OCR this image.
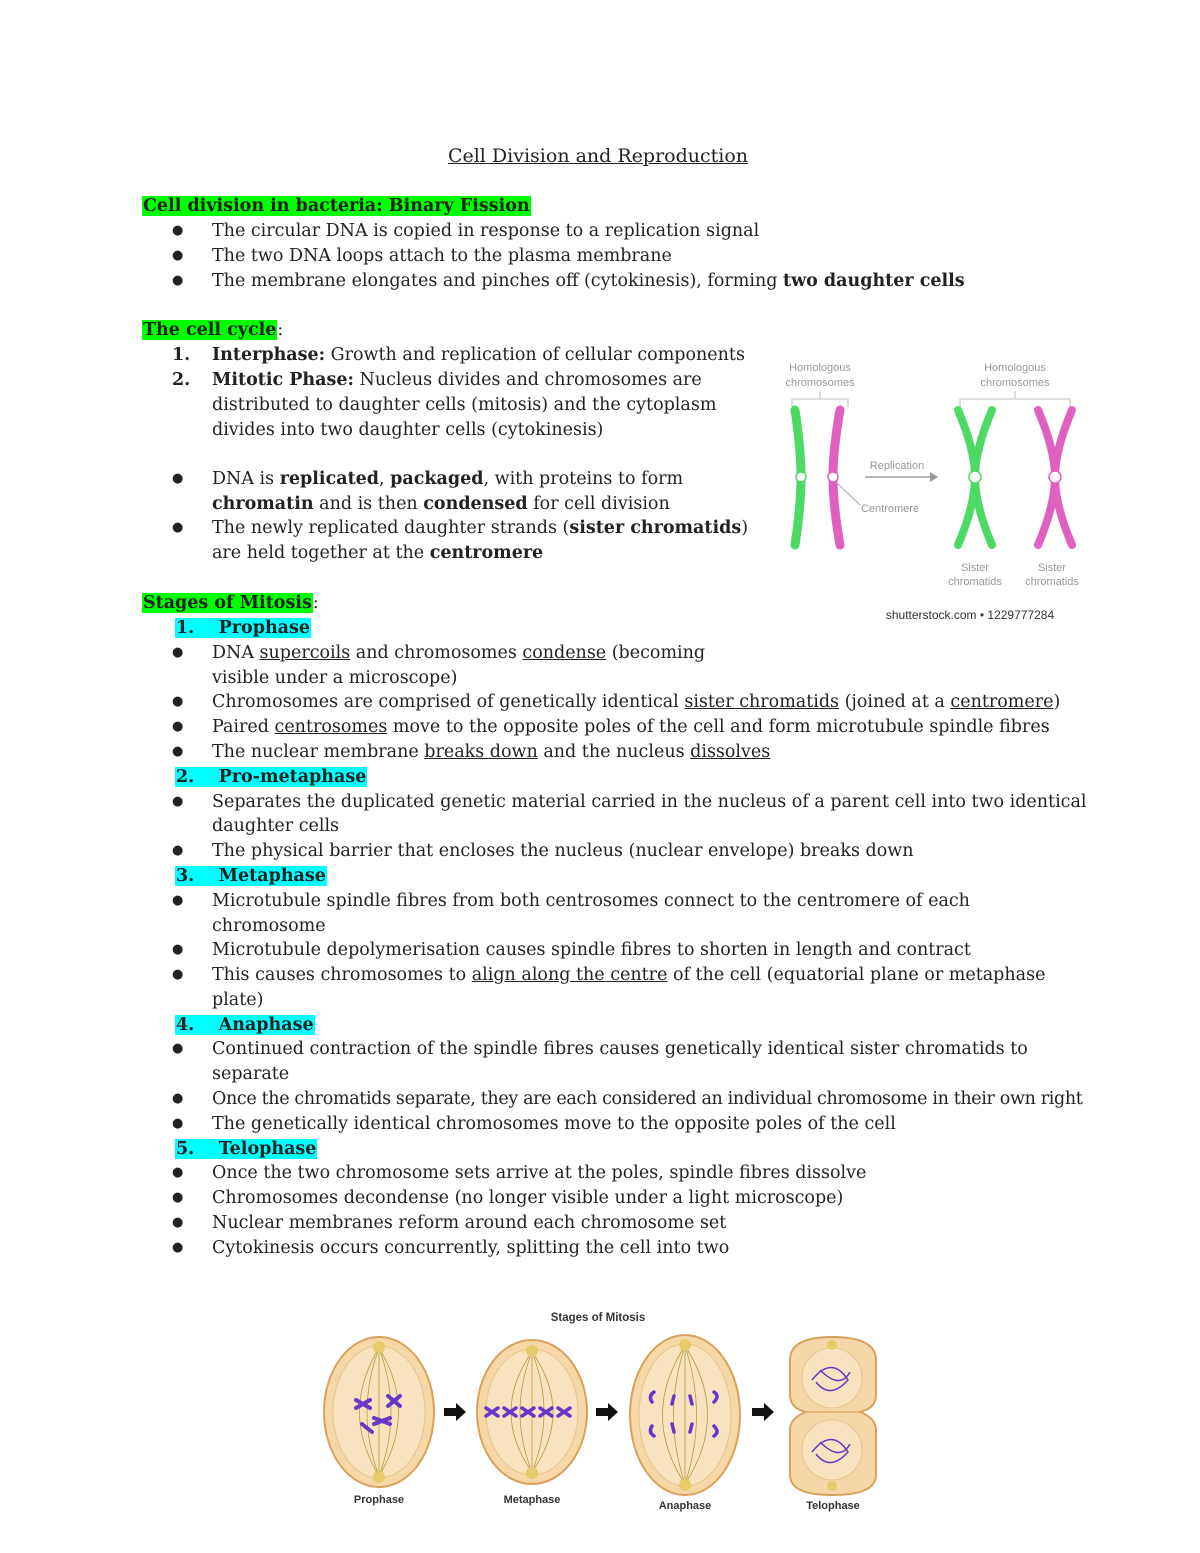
Cell Division and Reproduction
Cell division in bacteria: Binary Fission
● The circular DNA is copied in response to a replication signal
● The two DNA loops attach to the plasma membrane
● The membrane elongates and pinches off (cytokinesis), forming two daughter cells
The cell cycle:
1. Interphase: Growth and replication of cellular components
2. Mitotic Phase: Nucleus divides and chromosomes are
distributed to daughter cells (mitosis) and the cytoplasm
divides into two daughter cells (cytokinesis)
● DNA is replicated, packaged, with proteins to form
chromatin and is then condensed for cell division
● The newly replicated daughter strands (sister chromatids)
are held together at the centromere
Homologous
chromosomes
Homologous
chromosomes
Replication
Centromere
Sister
chromatids
Sister
chromatids
shutterstock.com • 1229777284
Stages of Mitosis:
1. Prophase
● DNA supercoils and chromosomes condense (becoming
visible under a microscope)
● Chromosomes are comprised of genetically identical sister chromatids (joined at a centromere)
● Paired centrosomes move to the opposite poles of the cell and form microtubule spindle fibres
● The nuclear membrane breaks down and the nucleus dissolves
2. Pro-metaphase
● Separates the duplicated genetic material carried in the nucleus of a parent cell into two identical
daughter cells
● The physical barrier that encloses the nucleus (nuclear envelope) breaks down
3. Metaphase
● Microtubule spindle fibres from both centrosomes connect to the centromere of each
chromosome
● Microtubule depolymerisation causes spindle fibres to shorten in length and contract
● This causes chromosomes to align along the centre of the cell (equatorial plane or metaphase
plate)
4. Anaphase
● Continued contraction of the spindle fibres causes genetically identical sister chromatids to
separate
● Once the chromatids separate, they are each considered an individual chromosome in their own right
● The genetically identical chromosomes move to the opposite poles of the cell
5. Telophase
● Once the two chromosome sets arrive at the poles, spindle fibres dissolve
● Chromosomes decondense (no longer visible under a light microscope)
● Nuclear membranes reform around each chromosome set
● Cytokinesis occurs concurrently, splitting the cell into two
Stages of Mitosis
Prophase	Metaphase	Anaphase	Telophase
